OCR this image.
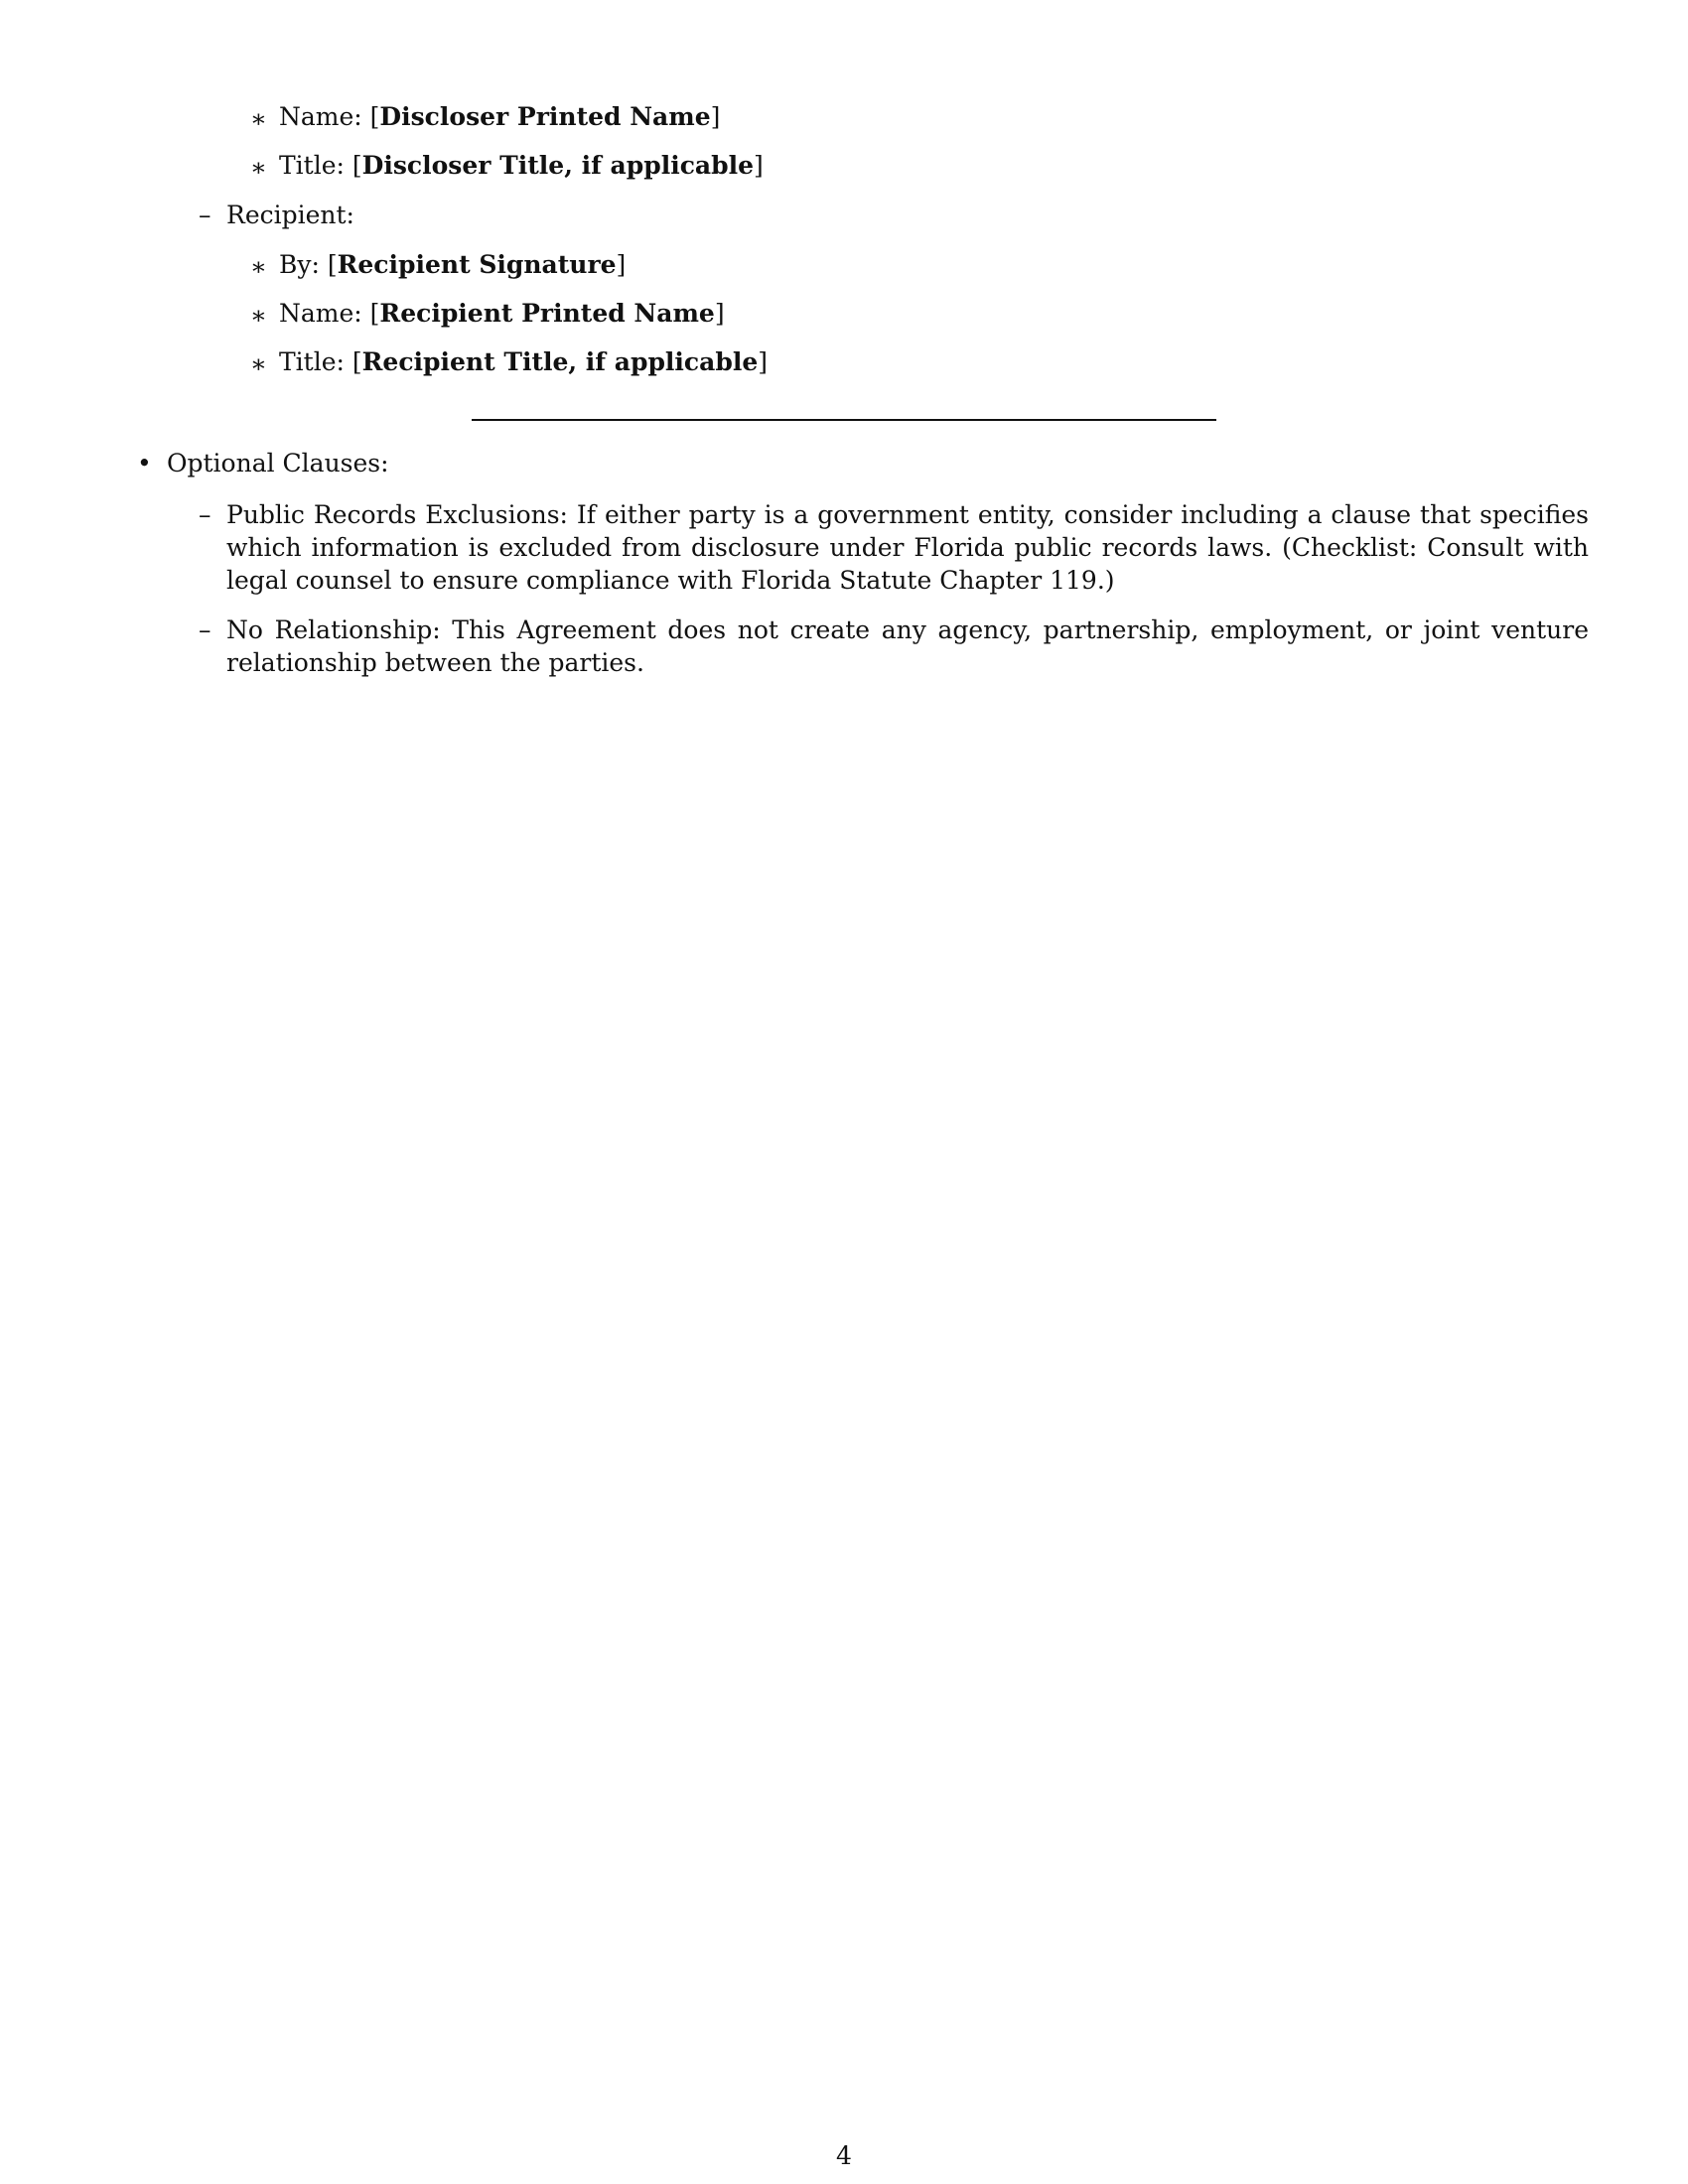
∗ Name: [Discloser Printed Name]
∗ Title: [Discloser Title, if applicable]
– Recipient:
∗ By: [Recipient Signature]
∗ Name: [Recipient Printed Name]
∗ Title: [Recipient Title, if applicable]
• Optional Clauses:
– Public Records Exclusions: If either party is a government entity, consider including a clause that specifies which information is excluded from disclosure under Florida public records laws. (Checklist: Consult with legal counsel to ensure compliance with Florida Statute Chapter 119.)
– No Relationship: This Agreement does not create any agency, partnership, employment, or joint venture relationship between the parties.
4
